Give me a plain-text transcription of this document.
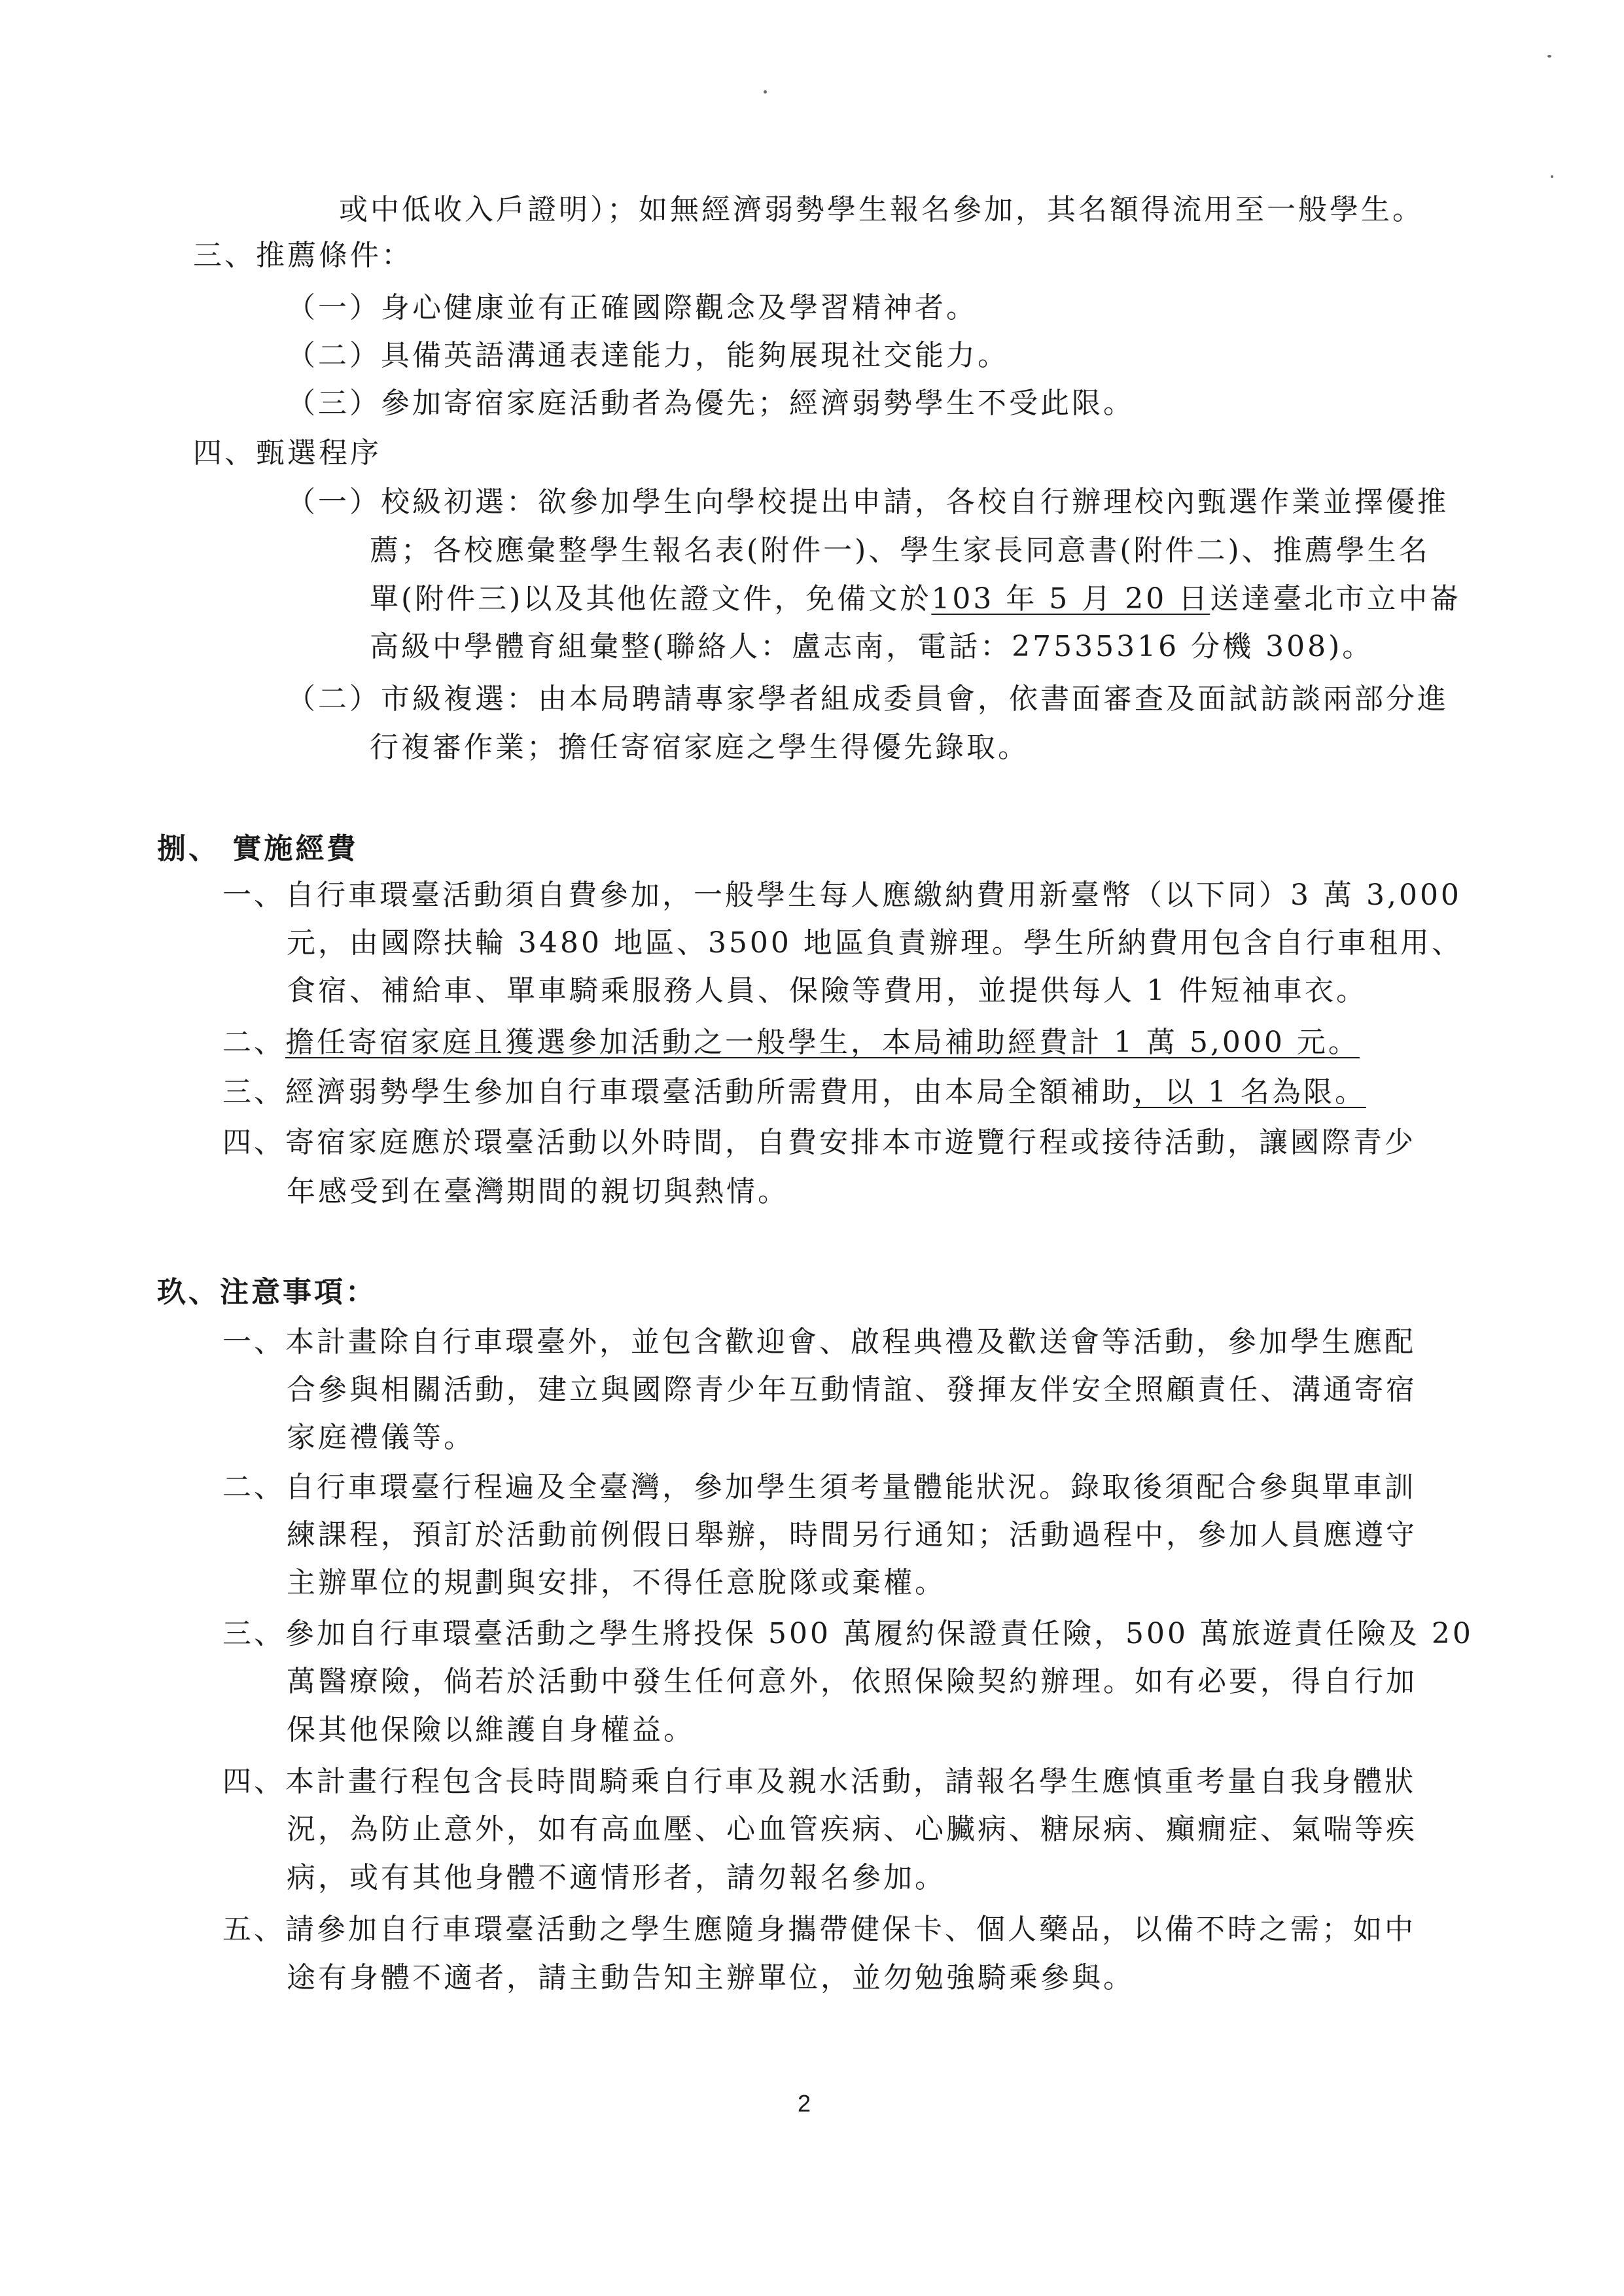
或中低收入戶證明）；如無經濟弱勢學生報名參加，其名額得流用至一般學生。
三、推薦條件：
（一）身心健康並有正確國際觀念及學習精神者。
（二）具備英語溝通表達能力，能夠展現社交能力。
（三）參加寄宿家庭活動者為優先；經濟弱勢學生不受此限。
四、甄選程序
（一）校級初選：欲參加學生向學校提出申請，各校自行辦理校內甄選作業並擇優推
薦；各校應彙整學生報名表(附件一)、學生家長同意書(附件二)、推薦學生名
單(附件三)以及其他佐證文件，免備文於103 年 5 月 20 日送達臺北市立中崙
高級中學體育組彙整(聯絡人：盧志南，電話：27535316 分機 308)。
（二）市級複選：由本局聘請專家學者組成委員會，依書面審查及面試訪談兩部分進
行複審作業；擔任寄宿家庭之學生得優先錄取。
捌、 實施經費
一、自行車環臺活動須自費參加，一般學生每人應繳納費用新臺幣（以下同）3 萬 3,000
元，由國際扶輪 3480 地區、3500 地區負責辦理。學生所納費用包含自行車租用、
食宿、補給車、單車騎乘服務人員、保險等費用，並提供每人 1 件短袖車衣。
二、擔任寄宿家庭且獲選參加活動之一般學生，本局補助經費計 1 萬 5,000 元。
三、經濟弱勢學生參加自行車環臺活動所需費用，由本局全額補助，以 1 名為限。
四、寄宿家庭應於環臺活動以外時間，自費安排本市遊覽行程或接待活動，讓國際青少
年感受到在臺灣期間的親切與熱情。
玖、注意事項：
一、本計畫除自行車環臺外，並包含歡迎會、啟程典禮及歡送會等活動，參加學生應配
合參與相關活動，建立與國際青少年互動情誼、發揮友伴安全照顧責任、溝通寄宿
家庭禮儀等。
二、自行車環臺行程遍及全臺灣，參加學生須考量體能狀況。錄取後須配合參與單車訓
練課程，預訂於活動前例假日舉辦，時間另行通知；活動過程中，參加人員應遵守
主辦單位的規劃與安排，不得任意脫隊或棄權。
三、參加自行車環臺活動之學生將投保 500 萬履約保證責任險，500 萬旅遊責任險及 20
萬醫療險，倘若於活動中發生任何意外，依照保險契約辦理。如有必要，得自行加
保其他保險以維護自身權益。
四、本計畫行程包含長時間騎乘自行車及親水活動，請報名學生應慎重考量自我身體狀
況，為防止意外，如有高血壓、心血管疾病、心臟病、糖尿病、癲癇症、氣喘等疾
病，或有其他身體不適情形者，請勿報名參加。
五、請參加自行車環臺活動之學生應隨身攜帶健保卡、個人藥品，以備不時之需；如中
途有身體不適者，請主動告知主辦單位，並勿勉強騎乘參與。
2
